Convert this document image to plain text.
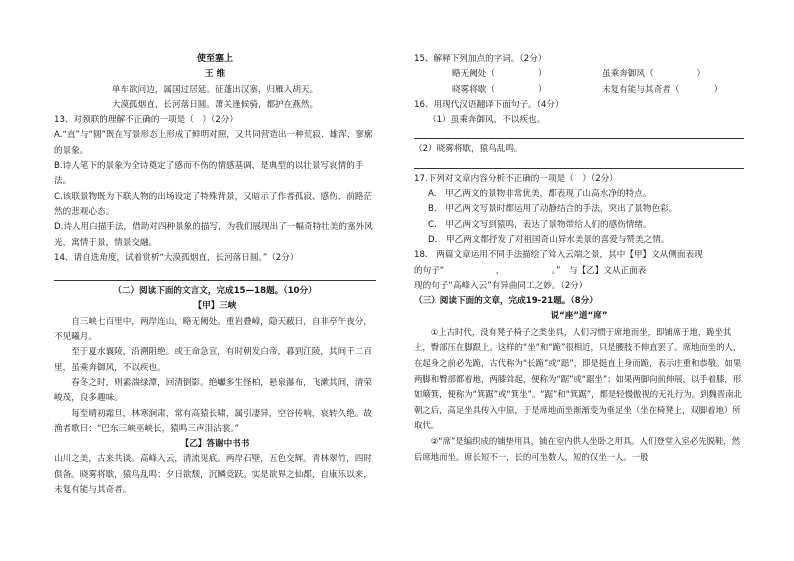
使至塞上

王 维

单车欲问边，属国过居延。征蓬出汉塞，归雁入胡天。

大漠孤烟直，长河落日圆。萧关逢候骑，都护在燕然。

13、对颈联的理解不正确的一项是（　）（2分）

A.“直”与“圆”既在写景形态上形成了鲜明对照，又共同营造出一种荒寂、雄浑、寥廓的景象。

B.诗人笔下的景象为全诗奠定了感而不伤的情感基调，是典型的以壮景写哀情的手法。

C.该联景物既为下联人物的出场设定了特殊背景，又暗示了作者孤寂、感伤、前路茫然的悲观心态。

D.诗人用白描手法，借助对四种景象的描写，为我们展现出了一幅奇特壮美的塞外风光，寓情于景，情景交融。

14、请自选角度，试着赏析“大漠孤烟直，长河落日圆。”（2分）

（二）阅读下面的文言文，完成15—18题。（10分）

【甲】三峡

自三峡七百里中，两岸连山，略无阙处。重岩叠嶂，隐天蔽日，自非亭午夜分，不见曦月。

至于夏水襄陵，沿溯阻绝。或王命急宣，有时朝发白帝，暮到江陵，其间千二百里，虽乘奔御风，不以疾也。

春冬之时，则素湍绿潭，回清倒影。绝巘多生怪柏，悬泉瀑布，飞漱其间，清荣峻茂，良多趣味。

每至晴初霜旦，林寒涧肃，常有高猿长啸，属引凄异，空谷传响，哀转久绝。故渔者歌曰：“巴东三峡巫峡长，猿鸣三声泪沾裳。”

【乙】答谢中书书

山川之美，古来共谈。高峰入云，清流见底。两岸石壁，五色交辉。青林翠竹，四时俱备。晓雾将歇，猿鸟乱鸣；夕日欲颓，沉鳞竞跃。实是欲界之仙都，自康乐以来，未复有能与其奇者。

15、解释下列加点的字词。（2分）

略无阙处（　　　　　）	虽乘奔御风（　　　　　）

晓雾将歇（　　　　　）	未复有能与其奇者（　　　　）

16、用现代汉语翻译下面句子。（4分）

（1）虽乘奔御风，不以疾也。

（2）晓雾将歇，猿鸟乱鸣。

17.下列对文章内容分析不正确的一项是（　）（2分）

A.　甲乙两文的景物非常优美，都表现了山高水净的特点。

B.　甲乙两文写景时都运用了动静结合的手法，突出了景物色彩。

C.　甲乙两文写到猿鸣，表达了景物带给人们的感伤情绪。

D.　甲乙两文都抒发了对祖国奇山异水美景的喜爱与赞美之情。

18.　两篇文章运用不同手法描绘了耸入云端之景，其中【甲】文从侧面表现

的句子“　　　　　　，　　　　　　。”　与【乙】文从正面表

现的句子“高峰入云”有异曲同工之妙。（2分）

（三）阅读下面的文章，完成19-21题。（8分）

说“座”道“席”

①上古时代，没有凳子椅子之类坐具，人们习惯于席地而坐，即铺席于地，跪坐其上，臀部压在脚跟上。这样的“坐”和“跪”很相近，只是腰肢不伸直罢了。席地而坐的人，在起身之前必先跪，古代称为“长跪”或“跽”，即是挺直上身而跪，表示庄重和恭敬。如果两脚和臀部都着地，两膝耸起，便称为“踞”或“踞坐”；如果两脚向前伸展，以手着膝，形如簸箕，便称为“箕踞”或“箕坐”。“踞”和“箕踞”，都是轻慢傲视的无礼行为。到魏晋南北朝之后，高足坐具传入中原，于是席地而坐渐渐变为垂足坐（坐在椅凳上，双脚着地）所取代。

②“席”是编织成的铺垫用具，铺在室内供人坐卧之用具。人们登堂入室必先脱鞋，然后席地而坐。席长短不一，长的可坐数人，短的仅坐一人。一般
